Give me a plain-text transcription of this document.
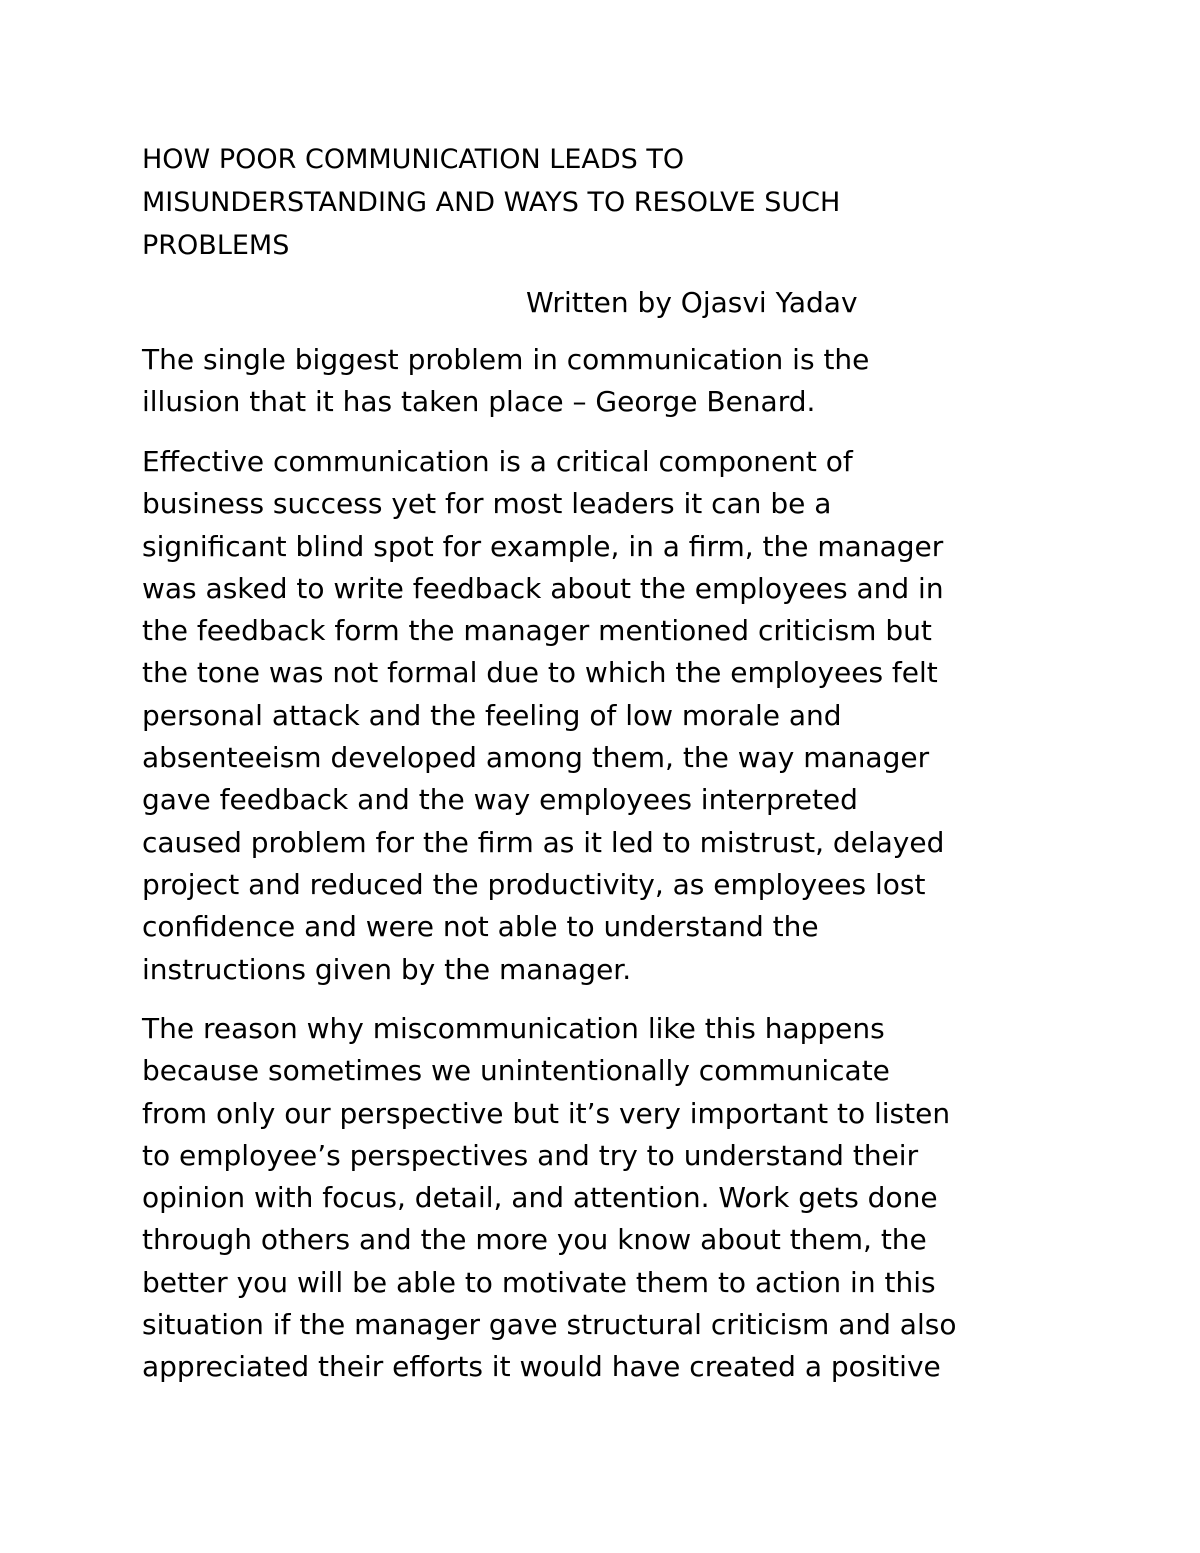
HOW POOR COMMUNICATION LEADS TO
MISUNDERSTANDING AND WAYS TO RESOLVE SUCH
PROBLEMS

Written by Ojasvi Yadav

The single biggest problem in communication is the
illusion that it has taken place – George Benard.

Effective communication is a critical component of
business success yet for most leaders it can be a
significant blind spot for example, in a firm, the manager
was asked to write feedback about the employees and in
the feedback form the manager mentioned criticism but
the tone was not formal due to which the employees felt
personal attack and the feeling of low morale and
absenteeism developed among them, the way manager
gave feedback and the way employees interpreted
caused problem for the firm as it led to mistrust, delayed
project and reduced the productivity, as employees lost
confidence and were not able to understand the
instructions given by the manager.

The reason why miscommunication like this happens
because sometimes we unintentionally communicate
from only our perspective but it’s very important to listen
to employee’s perspectives and try to understand their
opinion with focus, detail, and attention. Work gets done
through others and the more you know about them, the
better you will be able to motivate them to action in this
situation if the manager gave structural criticism and also
appreciated their efforts it would have created a positive
